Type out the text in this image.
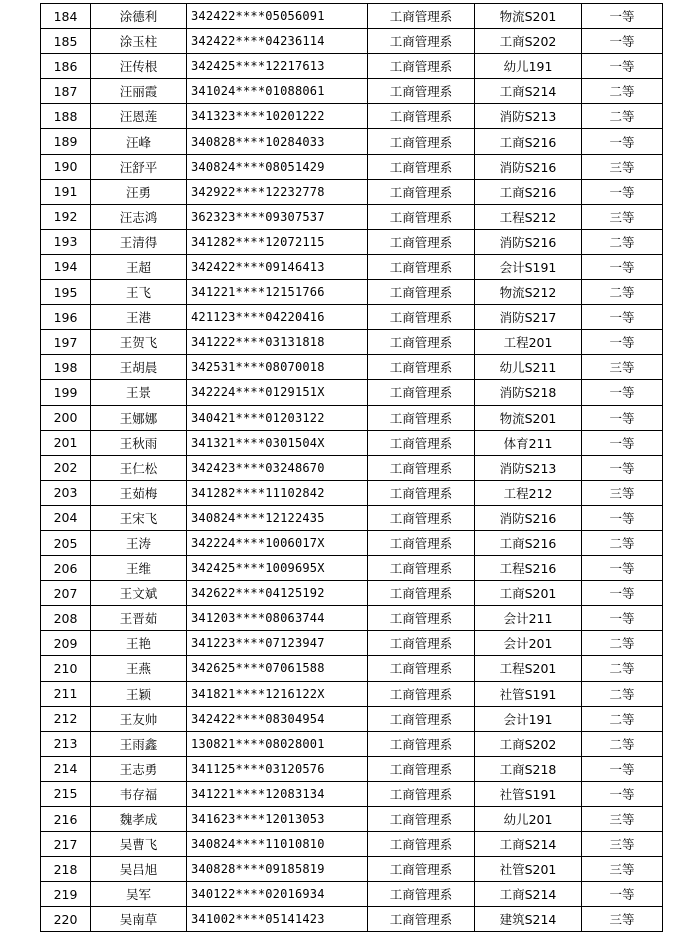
184	涂德利	342422****05056091	工商管理系	物流S201	一等
185	涂玉柱	342422****04236114	工商管理系	工商S202	一等
186	汪传根	342425****12217613	工商管理系	幼儿191	一等
187	汪丽霞	341024****01088061	工商管理系	工商S214	二等
188	汪恩莲	341323****10201222	工商管理系	消防S213	二等
189	汪峰	340828****10284033	工商管理系	工商S216	一等
190	汪舒平	340824****08051429	工商管理系	消防S216	三等
191	汪勇	342922****12232778	工商管理系	工商S216	一等
192	汪志鸿	362323****09307537	工商管理系	工程S212	三等
193	王清得	341282****12072115	工商管理系	消防S216	二等
194	王超	342422****09146413	工商管理系	会计S191	一等
195	王飞	341221****12151766	工商管理系	物流S212	二等
196	王港	421123****04220416	工商管理系	消防S217	一等
197	王贺飞	341222****03131818	工商管理系	工程201	一等
198	王胡晨	342531****08070018	工商管理系	幼儿S211	三等
199	王景	342224****0129151X	工商管理系	消防S218	一等
200	王娜娜	340421****01203122	工商管理系	物流S201	一等
201	王秋雨	341321****0301504X	工商管理系	体育211	一等
202	王仁松	342423****03248670	工商管理系	消防S213	一等
203	王茹梅	341282****11102842	工商管理系	工程212	三等
204	王宋飞	340824****12122435	工商管理系	消防S216	一等
205	王涛	342224****1006017X	工商管理系	工商S216	二等
206	王维	342425****1009695X	工商管理系	工程S216	一等
207	王文斌	342622****04125192	工商管理系	工商S201	一等
208	王晋茹	341203****08063744	工商管理系	会计211	一等
209	王艳	341223****07123947	工商管理系	会计201	二等
210	王燕	342625****07061588	工商管理系	工程S201	二等
211	王颖	341821****1216122X	工商管理系	社管S191	二等
212	王友帅	342422****08304954	工商管理系	会计191	二等
213	王雨鑫	130821****08028001	工商管理系	工商S202	二等
214	王志勇	341125****03120576	工商管理系	工商S218	一等
215	韦存福	341221****12083134	工商管理系	社管S191	一等
216	魏孝成	341623****12013053	工商管理系	幼儿201	三等
217	吴曹飞	340824****11010810	工商管理系	工商S214	三等
218	吴吕旭	340828****09185819	工商管理系	社管S201	三等
219	吴军	340122****02016934	工商管理系	工商S214	一等
220	吴南草	341002****05141423	工商管理系	建筑S214	三等
